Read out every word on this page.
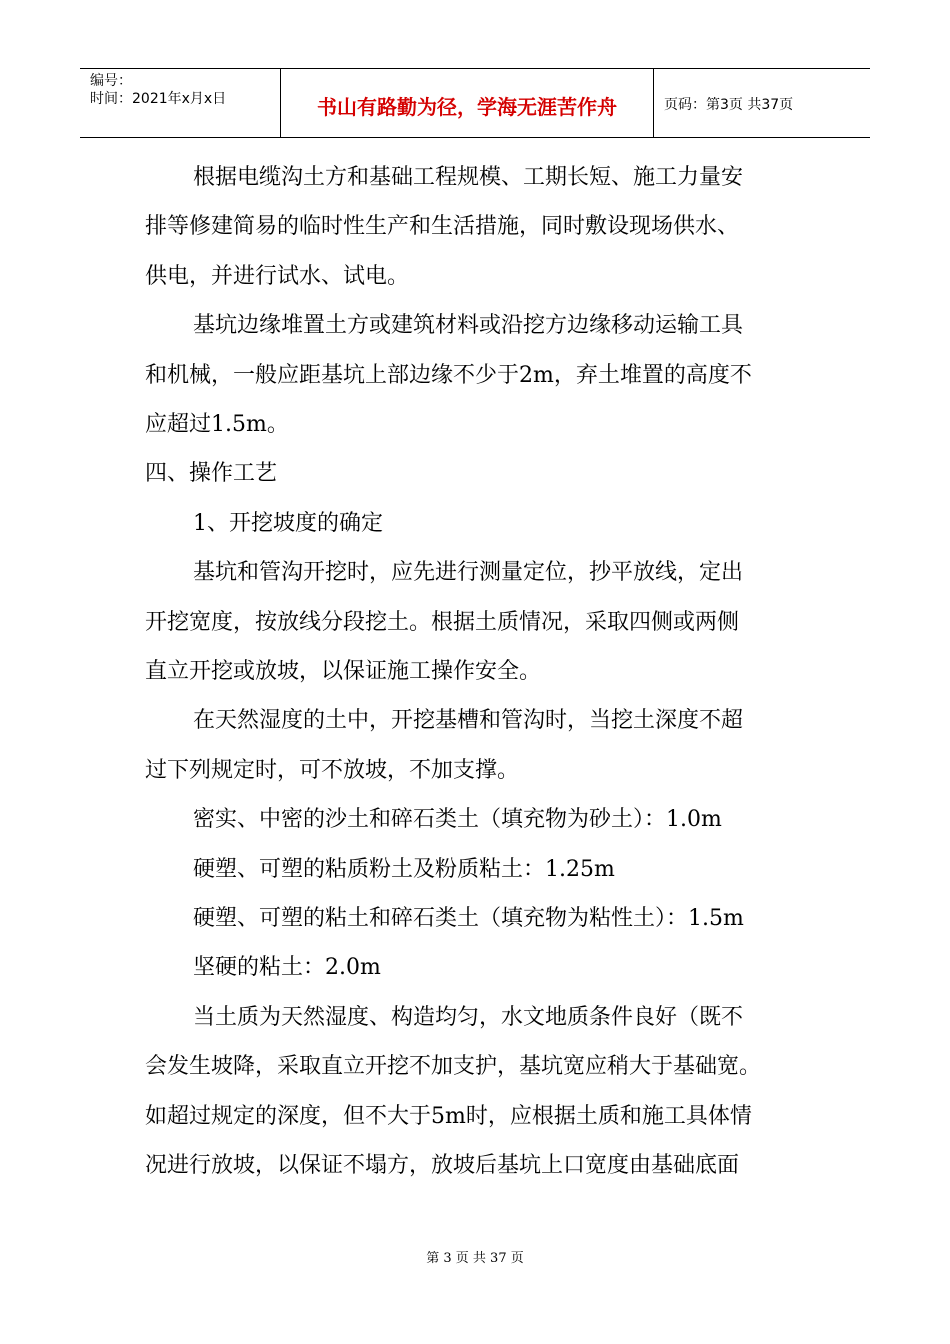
编号：
时间：2021年x月x日	书山有路勤为径，学海无涯苦作舟	页码：第3页 共37页
根据电缆沟土方和基础工程规模、工期长短、施工力量安
排等修建简易的临时性生产和生活措施，同时敷设现场供水、
供电，并进行试水、试电。
基坑边缘堆置土方或建筑材料或沿挖方边缘移动运输工具
和机械，一般应距基坑上部边缘不少于2m，弃土堆置的高度不
应超过1.5m。
四、操作工艺
1、开挖坡度的确定
基坑和管沟开挖时，应先进行测量定位，抄平放线，定出
开挖宽度，按放线分段挖土。根据土质情况，采取四侧或两侧
直立开挖或放坡，以保证施工操作安全。
在天然湿度的土中，开挖基槽和管沟时，当挖土深度不超
过下列规定时，可不放坡，不加支撑。
密实、中密的沙土和碎石类土（填充物为砂土）：1.0m
硬塑、可塑的粘质粉土及粉质粘土：1.25m
硬塑、可塑的粘土和碎石类土（填充物为粘性土）：1.5m
坚硬的粘土：2.0m
当土质为天然湿度、构造均匀，水文地质条件良好（既不
会发生坡降，采取直立开挖不加支护，基坑宽应稍大于基础宽。
如超过规定的深度，但不大于5m时，应根据土质和施工具体情
况进行放坡，以保证不塌方，放坡后基坑上口宽度由基础底面
第 3 页 共 37 页
